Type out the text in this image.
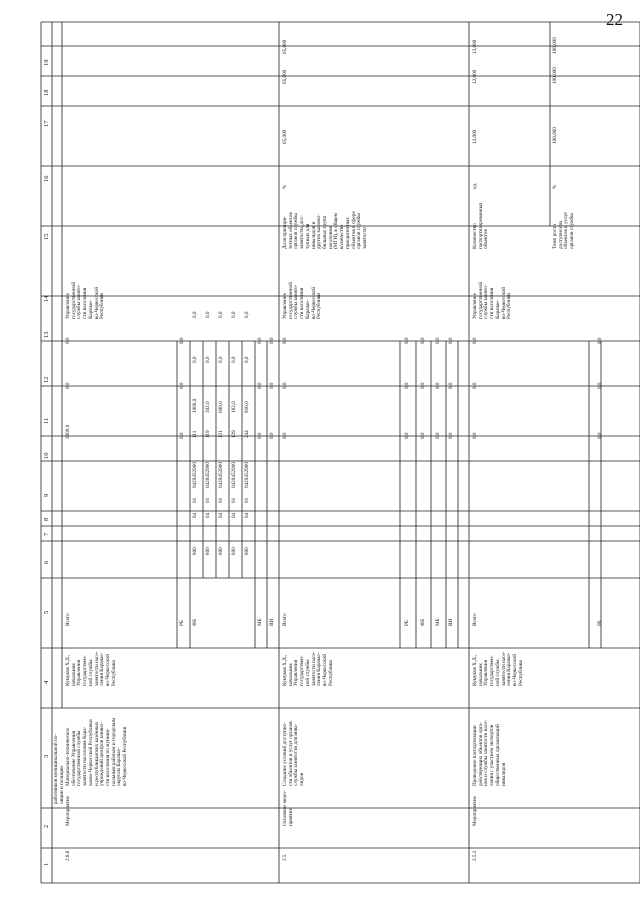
22
1
2
3
4
5
6
7
8
9
10
11
12
13
14
15
16
17
18
19
работников муниципальной по-
лиции и полиции
2.8.6
Мероприятие
Материально-техническое
обеспечение Управления
государственной службы
занятости населения Кара-
чаево-Черкесской Республики
и республиканских казённых
учреждений центров заняно-
сти населения по муници-
пальным районам и городским
округам Карачае-
во-Черкесской Республики
Кумуков Х.Д.,
начальник
Управления
государствен-
ной службы
занятости насе-
ления Карачае-
во-Черкесской
Республики
Всего
3000,0
0,0
0,0
Управление
государственной
службы занято-
сти населения
Карачае-
во-Черкесской
Республики
РБ
0,0
0,0
0,0
ФБ
800
04
01
0420452900
111
1000,0
0,0
0,0
800
04
01
0420452900
119
302,0
0,0
0,0
800
04
01
0420452900
121
600,0
0,0
0,0
800
04
01
0420452900
129
182,0
0,0
0,0
800
04
01
0420452900
244
916,0
0,0
0,0
МБ
0,0
0,0
0,0
ВИ
0,0
0,0
0,0
2.5
Основное меро-
приятие
Создание условий доступно-
сти объектов и услуг органов
службы занятости для инва-
лидов
Кумуков Х.Д.,
начальник
Управления
государствен-
ной службы
занятости насе-
ления Карачае-
во-Черкесской
Республики
Всего
0,0
0,0
0,0
Управление
государственной
службы занято-
сти населения
Карачае-
во-Черкесской
Республики
Доля прионри-
тетных объектов
органов службы
занятости, дос-
тупных для
инвалидов и
других маломо-
бильных групп
населения
(МГН), в общем
количестве
приоритетных
объектов в сфере
органов службы
занятости
%
65,000
65,000
65,000
РБ
0,0
0,0
0,0
ФБ
0,0
0,0
0,0
МБ
0,0
0,0
0,0
ВИ
0,0
0,0
0,0
2.5.1
Мероприятие
Проведение паспортизации
действующих объектов орга-
нов и службы занятости насе-
ления с участием экспертов
общественных организаций
инвалидов
Кумуков Х.Д.,
начальник
Управления
государствен-
ной службы
занятости насе-
ления Карачае-
во-Черкесской
Республики
Всего
0,0
0,0
0,0
Управление
государственной
службы занято-
сти населения
Карачае-
во-Черкесской
Республики
Количество
паспортизированных
объектов
ед.
12,000
12,000
12,000
Темп роста
доступности
объектов и услуг
органов службы
%
100,000
100,000
100,000
РБ
0,0
0,0
0,0
